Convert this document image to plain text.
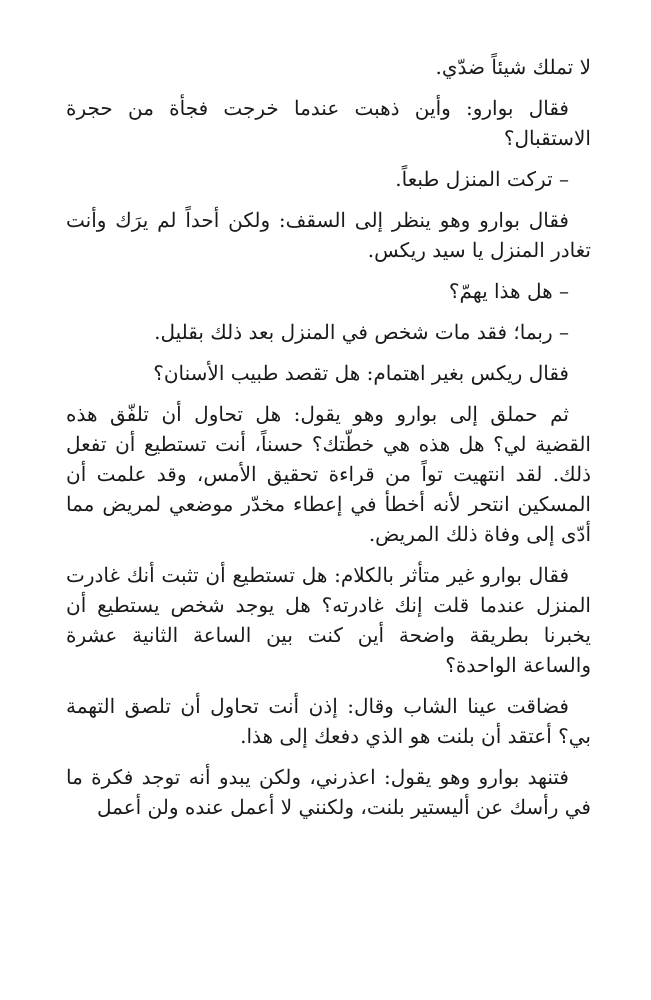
لا تملك شيئاً ضدّي.

فقال بوارو: وأين ذهبت عندما خرجت فجأة من حجرة الاستقبال؟

– تركت المنزل طبعاً.

فقال بوارو وهو ينظر إلى السقف: ولكن أحداً لم يرَك وأنت تغادر المنزل يا سيد ريكس.

– هل هذا يهمّ؟

– ربما؛ فقد مات شخص في المنزل بعد ذلك بقليل.

فقال ريكس بغير اهتمام: هل تقصد طبيب الأسنان؟

ثم حملق إلى بوارو وهو يقول: هل تحاول أن تلفّق هذه القضية لي؟ هل هذه هي خطّتك؟ حسناً، أنت تستطيع أن تفعل ذلك. لقد انتهيت تواً من قراءة تحقيق الأمس، وقد علمت أن المسكين انتحر لأنه أخطأ في إعطاء مخدّر موضعي لمريض مما أدّى إلى وفاة ذلك المريض.

فقال بوارو غير متأثر بالكلام: هل تستطيع أن تثبت أنك غادرت المنزل عندما قلت إنك غادرته؟ هل يوجد شخص يستطيع أن يخبرنا بطريقة واضحة أين كنت بين الساعة الثانية عشرة والساعة الواحدة؟

فضاقت عينا الشاب وقال: إذن أنت تحاول أن تلصق التهمة بي؟ أعتقد أن بلنت هو الذي دفعك إلى هذا.

فتنهد بوارو وهو يقول: اعذرني، ولكن يبدو أنه توجد فكرة ما في رأسك عن أليستير بلنت، ولكنني لا أعمل عنده ولن أعمل
